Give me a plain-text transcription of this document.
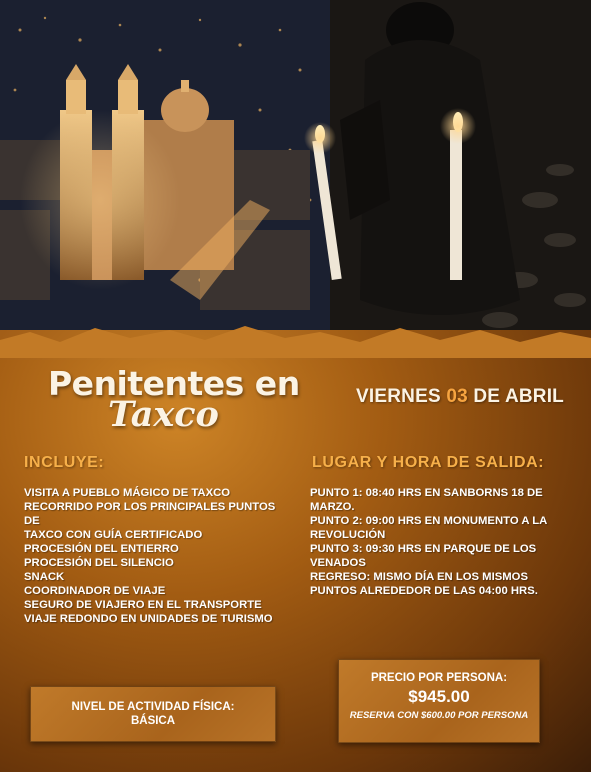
Penitentes en
Taxco	VIERNES 03 DE ABRIL
INCLUYE:
VISITA A PUEBLO MÁGICO DE TAXCO
RECORRIDO POR LOS PRINCIPALES PUNTOS DE
TAXCO CON GUÍA CERTIFICADO
PROCESIÓN DEL ENTIERRO
PROCESIÓN DEL SILENCIO
SNACK
COORDINADOR DE VIAJE
SEGURO DE VIAJERO EN EL TRANSPORTE
VIAJE REDONDO EN UNIDADES DE TURISMO
LUGAR Y HORA DE SALIDA:
PUNTO 1: 08:40 HRS EN SANBORNS 18 DE
MARZO.
PUNTO 2: 09:00 HRS EN MONUMENTO A LA
REVOLUCIÓN
PUNTO 3: 09:30 HRS EN PARQUE DE LOS
VENADOS
REGRESO: MISMO DÍA EN LOS MISMOS
PUNTOS ALREDEDOR DE LAS 04:00 HRS.
NIVEL DE ACTIVIDAD FÍSICA:
BÁSICA
PRECIO POR PERSONA:
$945.00
RESERVA CON $600.00 POR PERSONA
